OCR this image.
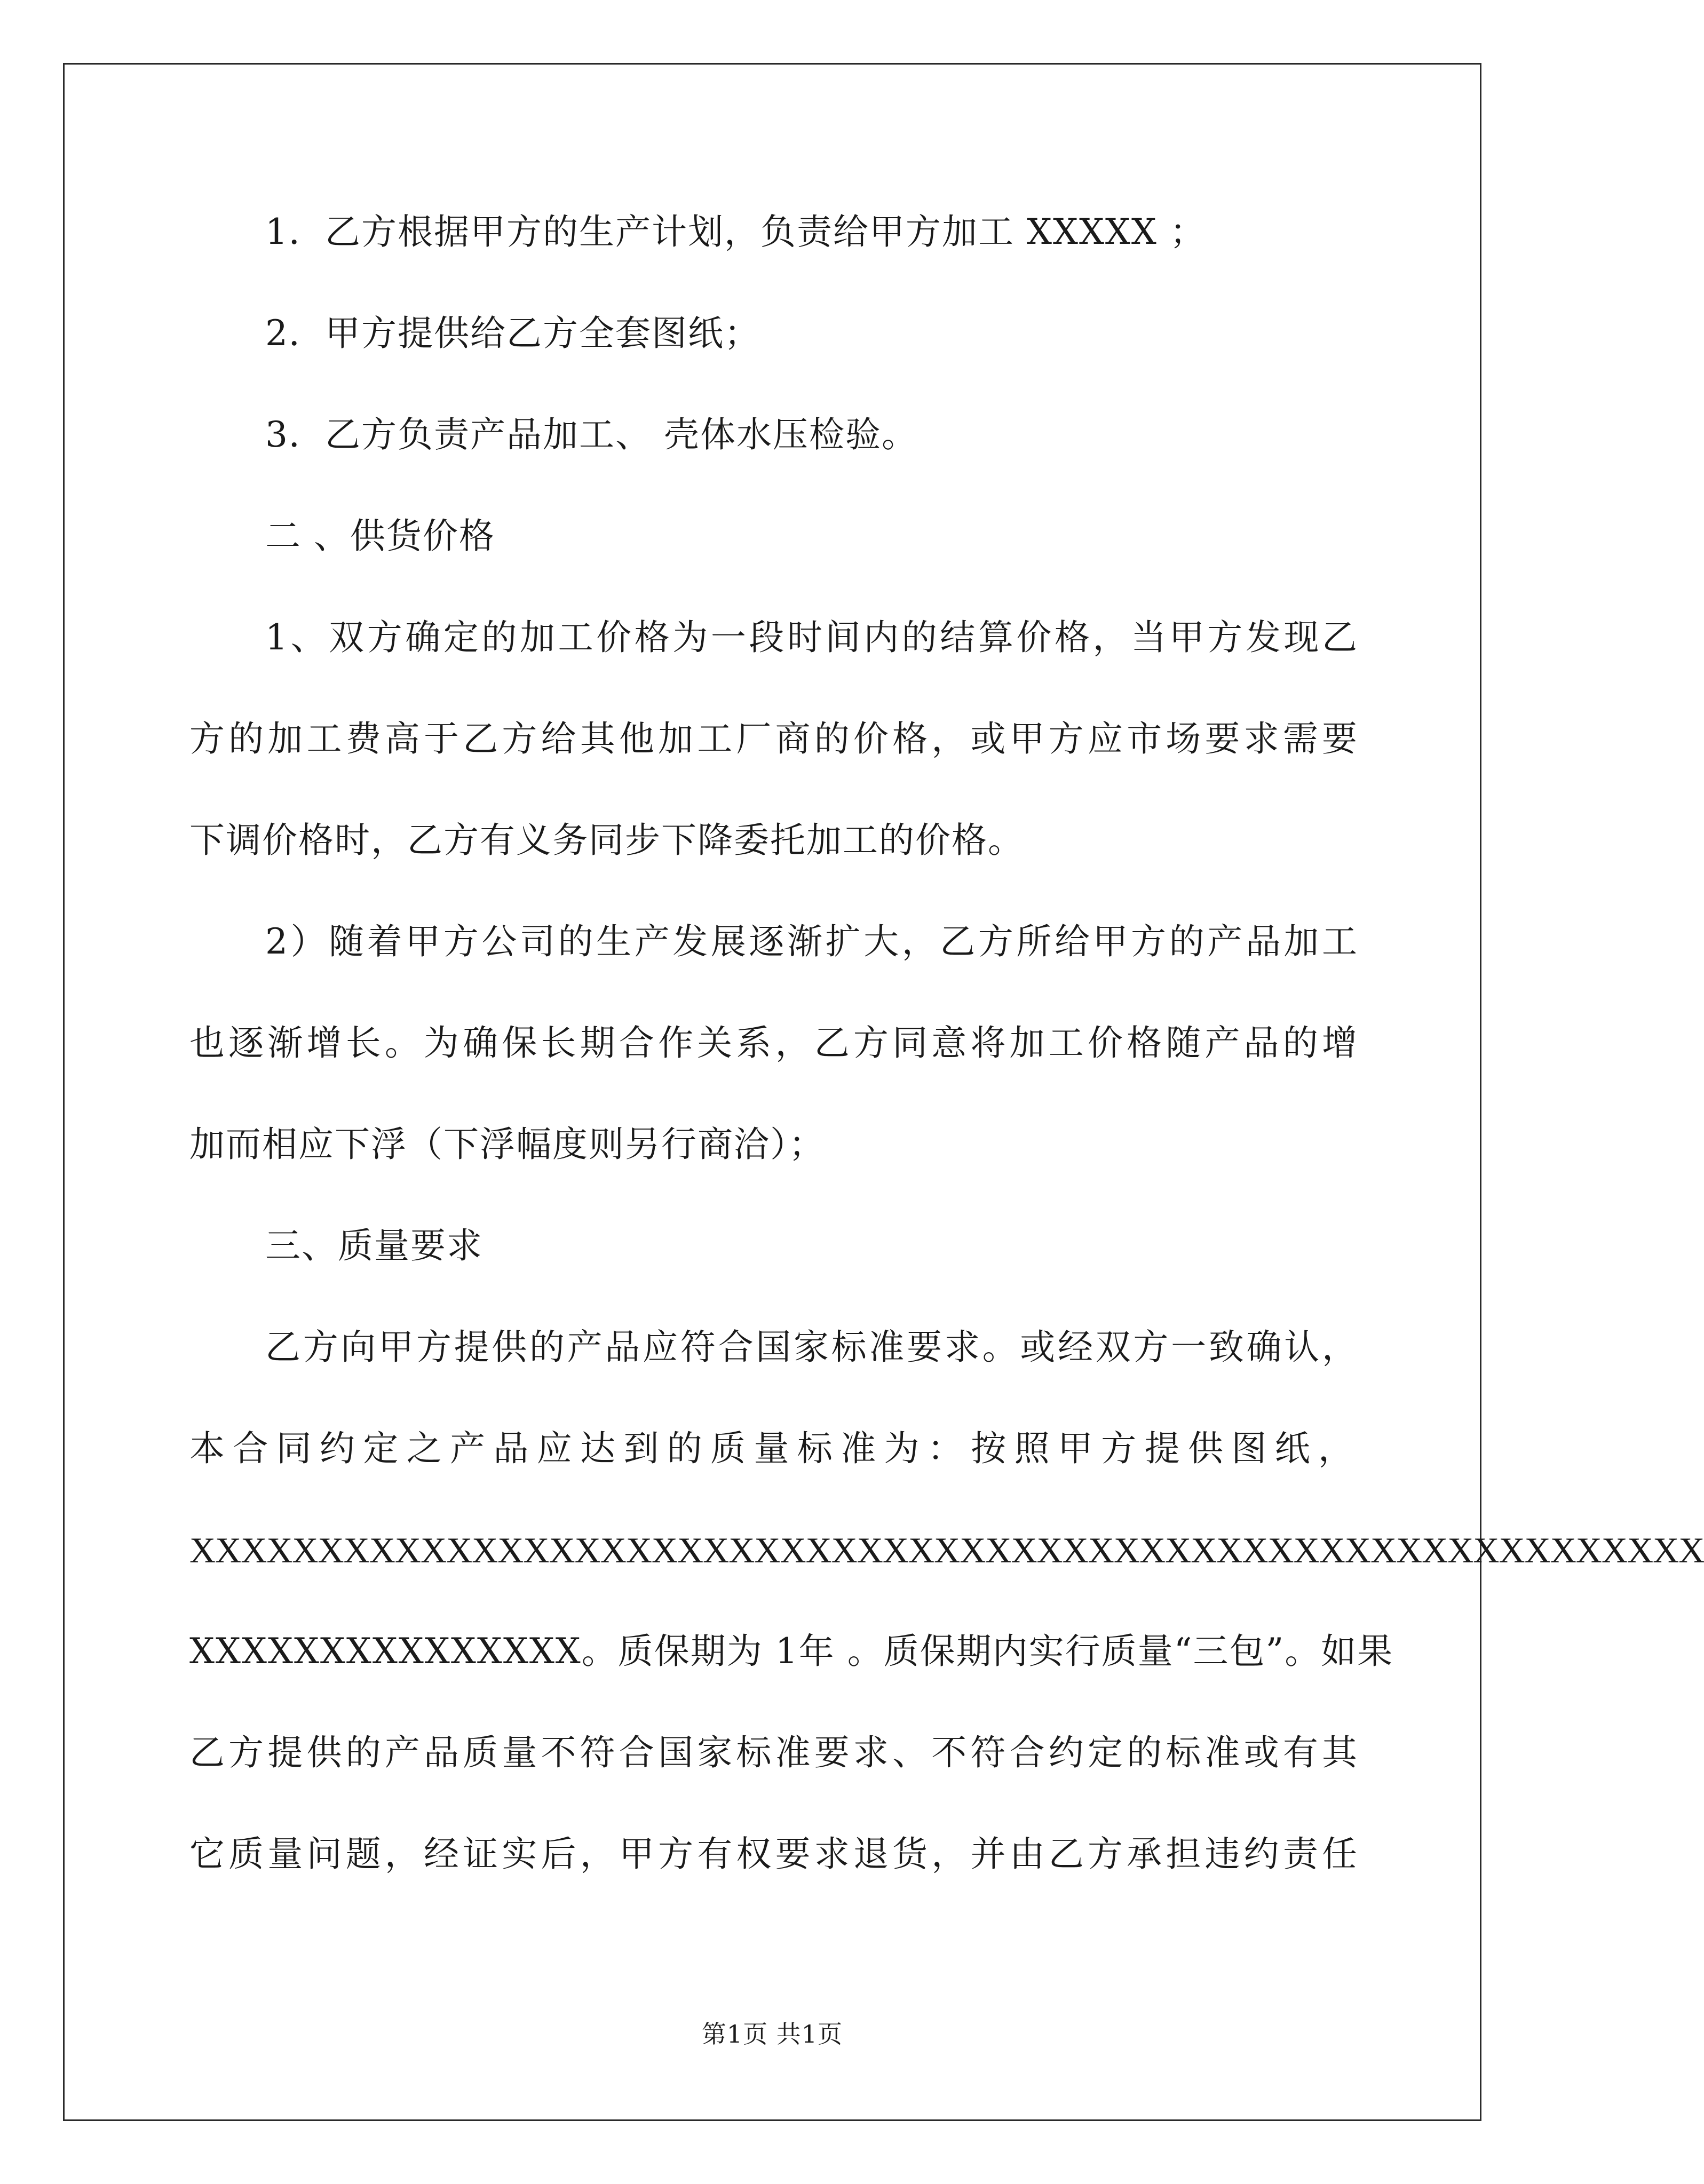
1．乙方根据甲方的生产计划，负责给甲方加工 XXXXX ；
2．甲方提供给乙方全套图纸；
3．乙方负责产品加工、 壳体水压检验。
二 、供货价格
1、双方确定的加工价格为一段时间内的结算价格，当甲方发现乙
方的加工费高于乙方给其他加工厂商的价格，或甲方应市场要求需要
下调价格时，乙方有义务同步下降委托加工的价格。
2）随着甲方公司的生产发展逐渐扩大，乙方所给甲方的产品加工
也逐渐增长。为确保长期合作关系，乙方同意将加工价格随产品的增
加而相应下浮（下浮幅度则另行商洽）；
三、质量要求
乙方向甲方提供的产品应符合国家标准要求。或经双方一致确认，
本合同约定之产品应达到的质量标准为：按照甲方提供图纸，
XXXXXXXXXXXXXXXXXXXXXXXXXXXXXXXXXXXXXXXXXXXXXXXXXXXXXXXXXXX
XXXXXXXXXXXXXXX。质保期为 1年 。质保期内实行质量“三包”。如果
乙方提供的产品质量不符合国家标准要求、不符合约定的标准或有其
它质量问题，经证实后，甲方有权要求退货，并由乙方承担违约责任
第1页 共1页
